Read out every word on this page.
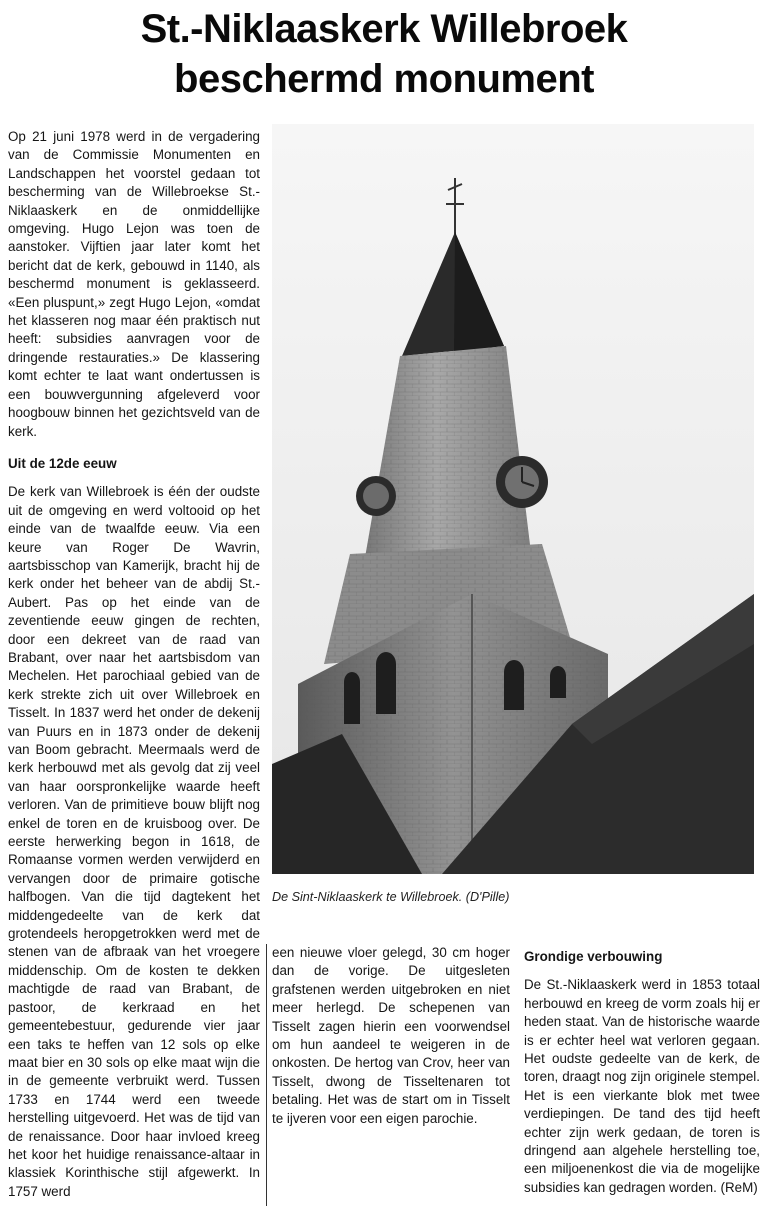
St.-Niklaaskerk Willebroek
beschermd monument

Op 21 juni 1978 werd in de vergadering van de Commissie Monumenten en Landschappen het voorstel gedaan tot bescherming van de Willebroekse St.-Niklaaskerk en de onmiddellijke omgeving. Hugo Lejon was toen de aanstoker. Vijftien jaar later komt het bericht dat de kerk, gebouwd in 1140, als beschermd monument is geklasseerd. «Een pluspunt,» zegt Hugo Lejon, «omdat het klasseren nog maar één praktisch nut heeft: subsidies aanvragen voor de dringende restauraties.» De klassering komt echter te laat want ondertussen is een bouwvergunning afgeleverd voor hoogbouw binnen het gezichtsveld van de kerk.

Uit de 12de eeuw

De kerk van Willebroek is één der oudste uit de omgeving en werd voltooid op het einde van de twaalfde eeuw. Via een keure van Roger De Wavrin, aartsbisschop van Kamerijk, bracht hij de kerk onder het beheer van de abdij St.-Aubert. Pas op het einde van de zeventiende eeuw gingen de rechten, door een dekreet van de raad van Brabant, over naar het aartsbisdom van Mechelen. Het parochiaal gebied van de kerk strekte zich uit over Willebroek en Tisselt. In 1837 werd het onder de dekenij van Puurs en in 1873 onder de dekenij van Boom gebracht. Meermaals werd de kerk herbouwd met als gevolg dat zij veel van haar oorspronkelijke waarde heeft verloren. Van de primitieve bouw blijft nog enkel de toren en de kruisboog over. De eerste herwerking begon in 1618, de Romaanse vormen werden verwijderd en vervangen door de primaire gotische halfbogen. Van die tijd dagtekent het middengedeelte van de kerk dat grotendeels heropgetrokken werd met de stenen van de afbraak van het vroegere middenschip. Om de kosten te dekken machtigde de raad van Brabant, de pastoor, de kerkraad en het gemeentebestuur, gedurende vier jaar een taks te heffen van 12 sols op elke maat bier en 30 sols op elke maat wijn die in de gemeente verbruikt werd. Tussen 1733 en 1744 werd een tweede herstelling uitgevoerd. Het was de tijd van de renaissance. Door haar invloed kreeg het koor het huidige renaissance-altaar in klassiek Korinthische stijl afgewerkt. In 1757 werd

De Sint-Niklaaskerk te Willebroek. (D'Pille)

een nieuwe vloer gelegd, 30 cm hoger dan de vorige. De uitgesleten grafstenen werden uitgebroken en niet meer herlegd. De schepenen van Tisselt zagen hierin een voorwendsel om hun aandeel te weigeren in de onkosten. De hertog van Crov, heer van Tisselt, dwong de Tisseltenaren tot betaling. Het was de start om in Tisselt te ijveren voor een eigen parochie.

Grondige verbouwing

De St.-Niklaaskerk werd in 1853 totaal herbouwd en kreeg de vorm zoals hij er heden staat. Van de historische waarde is er echter heel wat verloren gegaan. Het oudste gedeelte van de kerk, de toren, draagt nog zijn originele stempel. Het is een vierkante blok met twee verdiepingen. De tand des tijd heeft echter zijn werk gedaan, de toren is dringend aan algehele herstelling toe, een miljoenenkost die via de mogelijke subsidies kan gedragen worden. (ReM)
